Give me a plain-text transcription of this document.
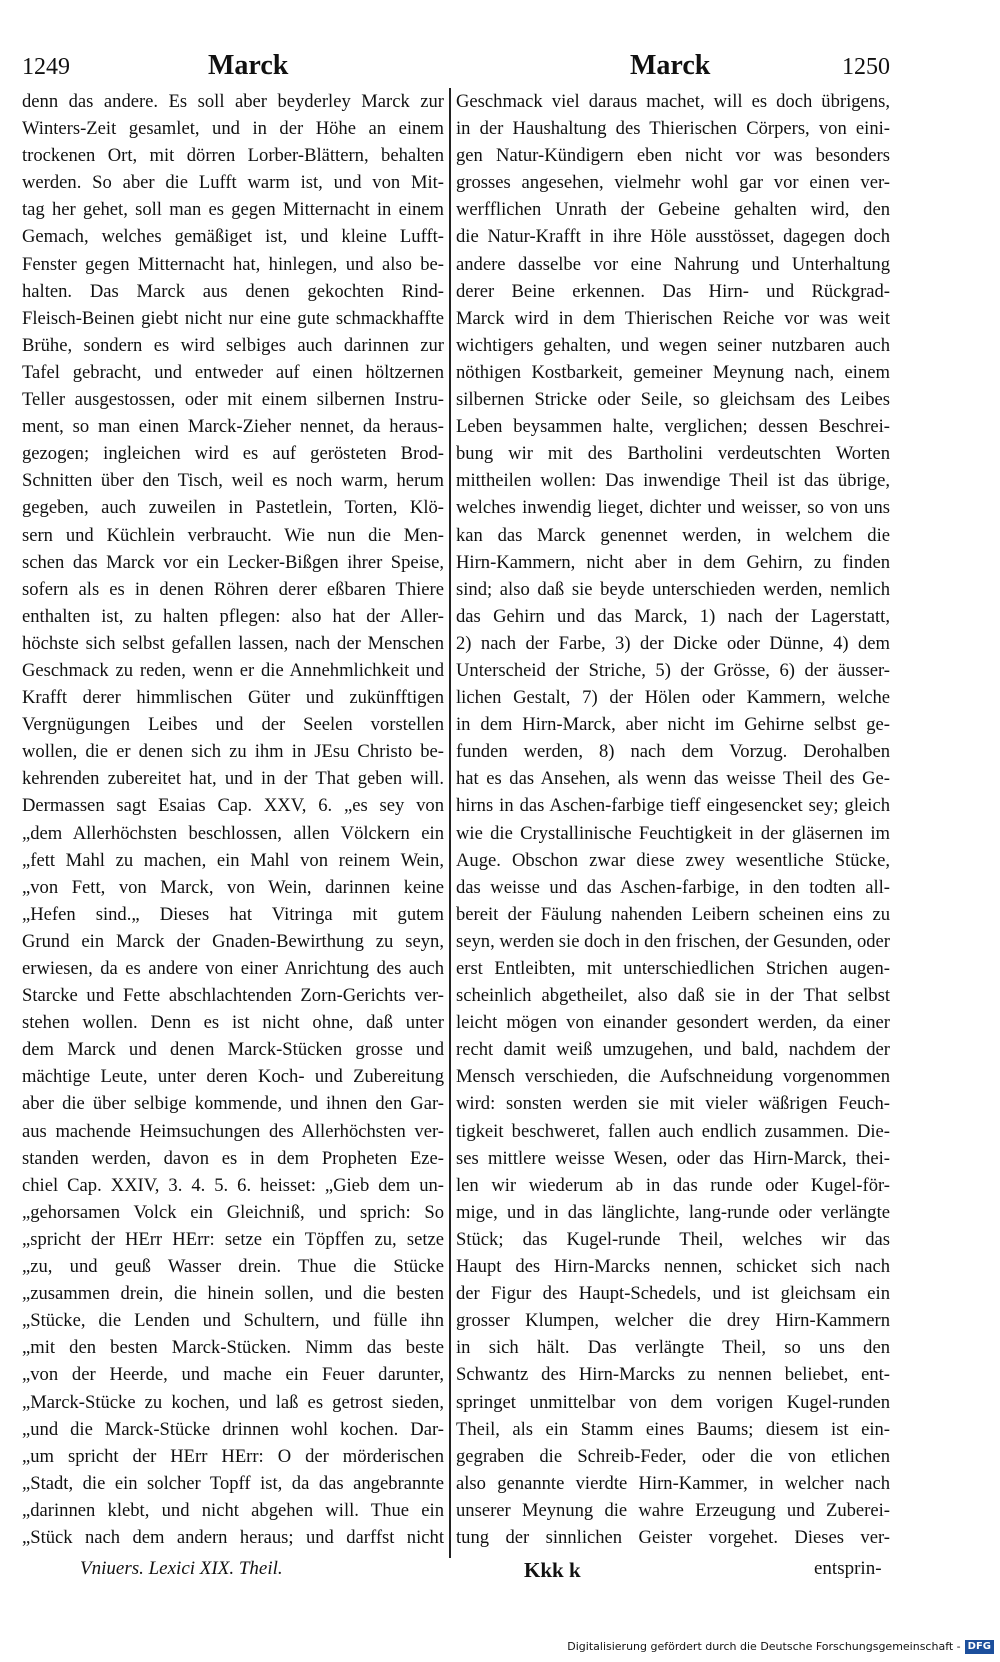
1249	Marck	Marck	1250
denn das andere. Es soll aber beyderley Marck zur
Winters-Zeit gesamlet, und in der Höhe an einem
trockenen Ort, mit dörren Lorber-Blättern, behalten
werden. So aber die Lufft warm ist, und von Mit-
tag her gehet, soll man es gegen Mitternacht in einem
Gemach, welches gemäßiget ist, und kleine Lufft-
Fenster gegen Mitternacht hat, hinlegen, und also be-
halten. Das Marck aus denen gekochten Rind-
Fleisch-Beinen giebt nicht nur eine gute schmackhaffte
Brühe, sondern es wird selbiges auch darinnen zur
Tafel gebracht, und entweder auf einen höltzernen
Teller ausgestossen, oder mit einem silbernen Instru-
ment, so man einen Marck-Zieher nennet, da heraus-
gezogen; ingleichen wird es auf gerösteten Brod-
Schnitten über den Tisch, weil es noch warm, herum
gegeben, auch zuweilen in Pastetlein, Torten, Klö-
sern und Küchlein verbraucht. Wie nun die Men-
schen das Marck vor ein Lecker-Bißgen ihrer Speise,
sofern als es in denen Röhren derer eßbaren Thiere
enthalten ist, zu halten pflegen: also hat der Aller-
höchste sich selbst gefallen lassen, nach der Menschen
Geschmack zu reden, wenn er die Annehmlichkeit und
Krafft derer himmlischen Güter und zukünfftigen
Vergnügungen Leibes und der Seelen vorstellen
wollen, die er denen sich zu ihm in JEsu Christo be-
kehrenden zubereitet hat, und in der That geben will.
Dermassen sagt Esaias Cap. XXV, 6. „es sey von
„dem Allerhöchsten beschlossen, allen Völckern ein
„fett Mahl zu machen, ein Mahl von reinem Wein,
„von Fett, von Marck, von Wein, darinnen keine
„Hefen sind.„ Dieses hat Vitringa mit gutem
Grund ein Marck der Gnaden-Bewirthung zu seyn,
erwiesen, da es andere von einer Anrichtung des auch
Starcke und Fette abschlachtenden Zorn-Gerichts ver-
stehen wollen. Denn es ist nicht ohne, daß unter
dem Marck und denen Marck-Stücken grosse und
mächtige Leute, unter deren Koch- und Zubereitung
aber die über selbige kommende, und ihnen den Gar-
aus machende Heimsuchungen des Allerhöchsten ver-
standen werden, davon es in dem Propheten Eze-
chiel Cap. XXIV, 3. 4. 5. 6. heisset: „Gieb dem un-
„gehorsamen Volck ein Gleichniß, und sprich: So
„spricht der HErr HErr: setze ein Töpffen zu, setze
„zu, und geuß Wasser drein. Thue die Stücke
„zusammen drein, die hinein sollen, und die besten
„Stücke, die Lenden und Schultern, und fülle ihn
„mit den besten Marck-Stücken. Nimm das beste
„von der Heerde, und mache ein Feuer darunter,
„Marck-Stücke zu kochen, und laß es getrost sieden,
„und die Marck-Stücke drinnen wohl kochen. Dar-
„um spricht der HErr HErr: O der mörderischen
„Stadt, die ein solcher Topff ist, da das angebrannte
„darinnen klebt, und nicht abgehen will. Thue ein
„Stück nach dem andern heraus; und darffst nicht
Geschmack viel daraus machet, will es doch übrigens,
in der Haushaltung des Thierischen Cörpers, von eini-
gen Natur-Kündigern eben nicht vor was besonders
grosses angesehen, vielmehr wohl gar vor einen ver-
werfflichen Unrath der Gebeine gehalten wird, den
die Natur-Krafft in ihre Höle ausstösset, dagegen doch
andere dasselbe vor eine Nahrung und Unterhaltung
derer Beine erkennen. Das Hirn- und Rückgrad-
Marck wird in dem Thierischen Reiche vor was weit
wichtigers gehalten, und wegen seiner nutzbaren auch
nöthigen Kostbarkeit, gemeiner Meynung nach, einem
silbernen Stricke oder Seile, so gleichsam des Leibes
Leben beysammen halte, verglichen; dessen Beschrei-
bung wir mit des Bartholini verdeutschten Worten
mittheilen wollen: Das inwendige Theil ist das übrige,
welches inwendig lieget, dichter und weisser, so von uns
kan das Marck genennet werden, in welchem die
Hirn-Kammern, nicht aber in dem Gehirn, zu finden
sind; also daß sie beyde unterschieden werden, nemlich
das Gehirn und das Marck, 1) nach der Lagerstatt,
2) nach der Farbe, 3) der Dicke oder Dünne, 4) dem
Unterscheid der Striche, 5) der Grösse, 6) der äusser-
lichen Gestalt, 7) der Hölen oder Kammern, welche
in dem Hirn-Marck, aber nicht im Gehirne selbst ge-
funden werden, 8) nach dem Vorzug. Derohalben
hat es das Ansehen, als wenn das weisse Theil des Ge-
hirns in das Aschen-farbige tieff eingesencket sey; gleich
wie die Crystallinische Feuchtigkeit in der gläsernen im
Auge. Obschon zwar diese zwey wesentliche Stücke,
das weisse und das Aschen-farbige, in den todten all-
bereit der Fäulung nahenden Leibern scheinen eins zu
seyn, werden sie doch in den frischen, der Gesunden, oder
erst Entleibten, mit unterschiedlichen Strichen augen-
scheinlich abgetheilet, also daß sie in der That selbst
leicht mögen von einander gesondert werden, da einer
recht damit weiß umzugehen, und bald, nachdem der
Mensch verschieden, die Aufschneidung vorgenommen
wird: sonsten werden sie mit vieler wäßrigen Feuch-
tigkeit beschweret, fallen auch endlich zusammen. Die-
ses mittlere weisse Wesen, oder das Hirn-Marck, thei-
len wir wiederum ab in das runde oder Kugel-för-
mige, und in das länglichte, lang-runde oder verlängte
Stück; das Kugel-runde Theil, welches wir das
Haupt des Hirn-Marcks nennen, schicket sich nach
der Figur des Haupt-Schedels, und ist gleichsam ein
grosser Klumpen, welcher die drey Hirn-Kammern
in sich hält. Das verlängte Theil, so uns den
Schwantz des Hirn-Marcks zu nennen beliebet, ent-
springet unmittelbar von dem vorigen Kugel-runden
Theil, als ein Stamm eines Baums; diesem ist ein-
gegraben die Schreib-Feder, oder die von etlichen
also genannte vierdte Hirn-Kammer, in welcher nach
unserer Meynung die wahre Erzeugung und Zuberei-
tung der sinnlichen Geister vorgehet. Dieses ver-
Vniuers. Lexici XIX. Theil.	Kkk k	entsprin-
Digitalisierung gefördert durch die Deutsche Forschungsgemeinschaft - DFG
